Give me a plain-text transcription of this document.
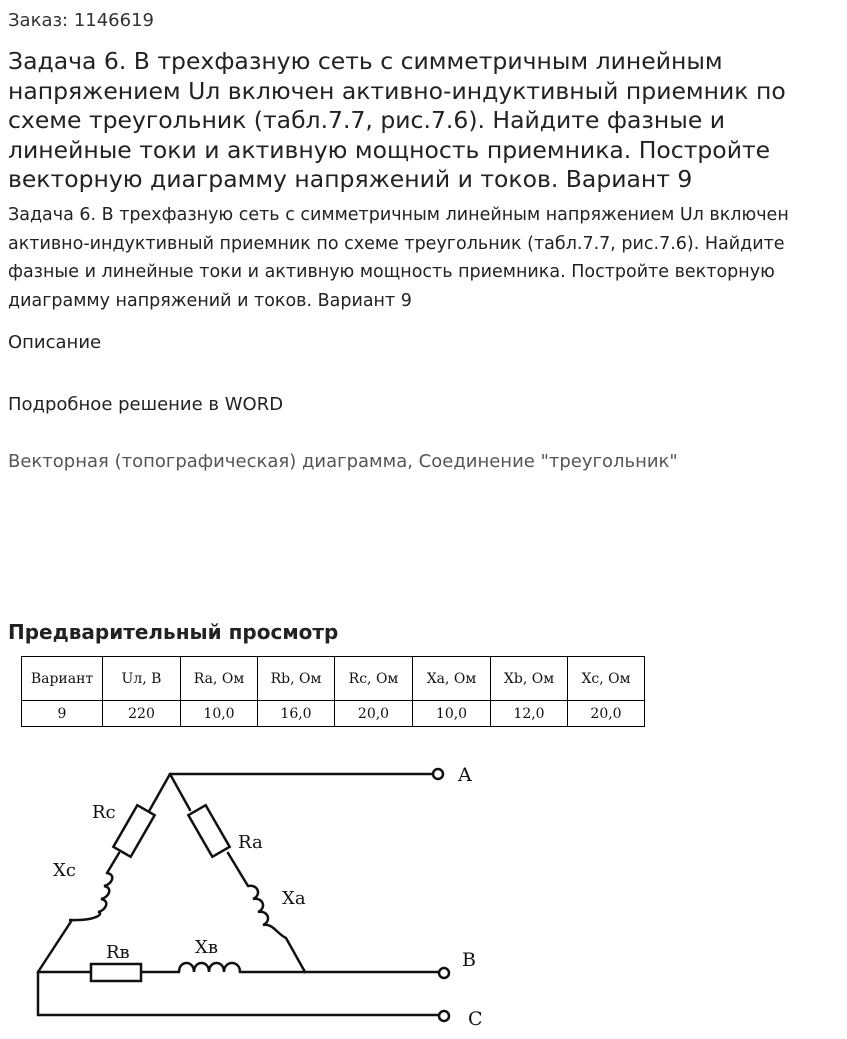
Заказ: 1146619
Задача 6. В трехфазную сеть с симметричным линейным напряжением Uл включен активно-индуктивный приемник по схеме треугольник (табл.7.7, рис.7.6). Найдите фазные и линейные токи и активную мощность приемника. Постройте векторную диаграмму напряжений и токов. Вариант 9
Задача 6. В трехфазную сеть с симметричным линейным напряжением Uл включен активно-индуктивный приемник по схеме треугольник (табл.7.7, рис.7.6). Найдите фазные и линейные токи и активную мощность приемника. Постройте векторную диаграмму напряжений и токов. Вариант 9
Описание
Подробное решение в WORD
Векторная (топографическая) диаграмма, Соединение "треугольник"
Предварительный просмотр
Вариант	Uл, В	Ra, Ом	Rb, Ом	Rc, Ом	Xa, Ом	Xb, Ом	Xc, Ом
9	220	10,0	16,0	20,0	10,0	12,0	20,0
A
B
C
Rc
Xc
Ra
Xa
Rв	Xв
